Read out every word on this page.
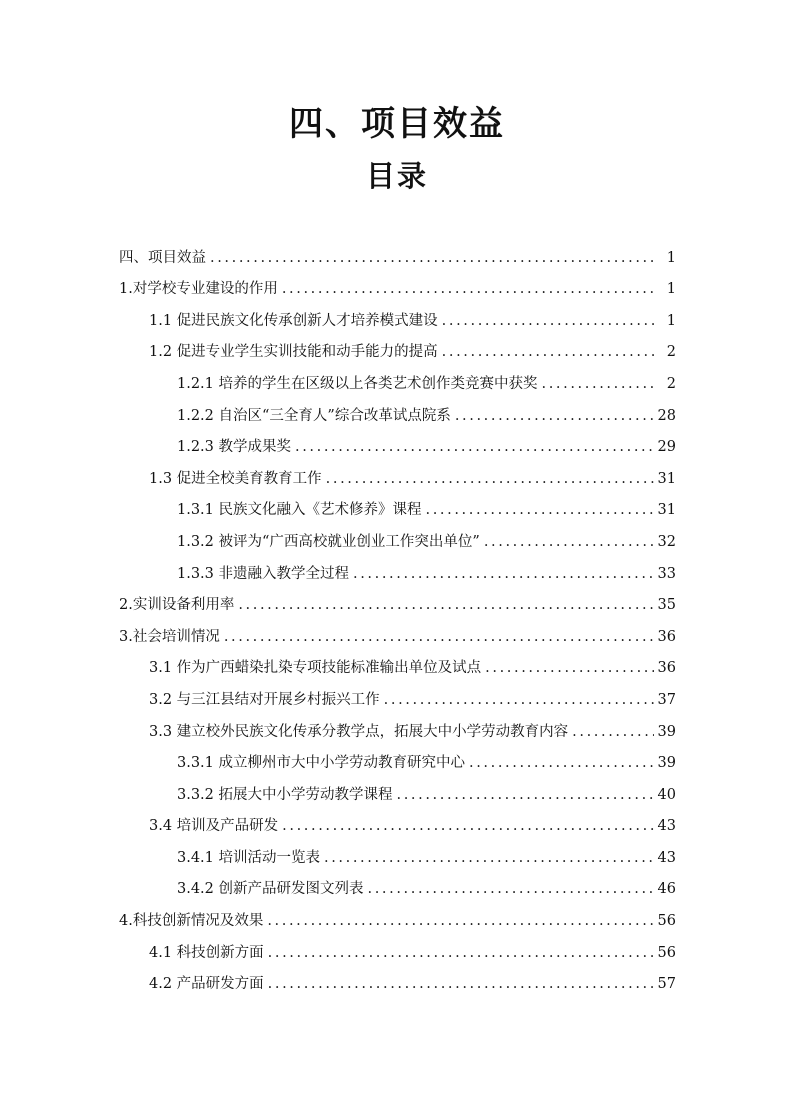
四、项目效益
目录
四、项目效益 .....	1
1.对学校专业建设的作用 .....	1
1.1 促进民族文化传承创新人才培养模式建设 .....	1
1.2 促进专业学生实训技能和动手能力的提高 .....	2
1.2.1 培养的学生在区级以上各类艺术创作类竞赛中获奖 .....	2
1.2.2 自治区“三全育人”综合改革试点院系 .....	28
1.2.3 教学成果奖 .....	29
1.3 促进全校美育教育工作 .....	31
1.3.1 民族文化融入《艺术修养》课程 .....	31
1.3.2 被评为“广西高校就业创业工作突出单位” .....	32
1.3.3 非遗融入教学全过程 .....	33
2.实训设备利用率 .....	35
3.社会培训情况 .....	36
3.1 作为广西蜡染扎染专项技能标准输出单位及试点 .....	36
3.2 与三江县结对开展乡村振兴工作 .....	37
3.3 建立校外民族文化传承分教学点，拓展大中小学劳动教育内容 .....	39
3.3.1 成立柳州市大中小学劳动教育研究中心 .....	39
3.3.2 拓展大中小学劳动教学课程 .....	40
3.4 培训及产品研发 .....	43
3.4.1 培训活动一览表 .....	43
3.4.2 创新产品研发图文列表 .....	46
4.科技创新情况及效果 .....	56
4.1 科技创新方面 .....	56
4.2 产品研发方面 .....	57
